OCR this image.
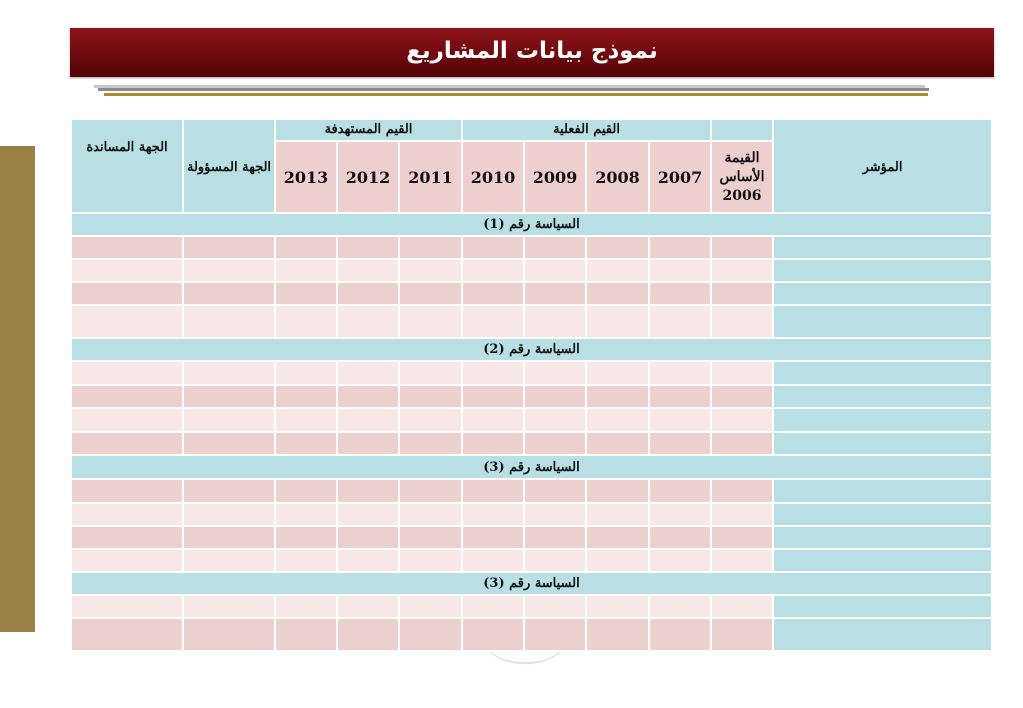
نموذج بيانات المشاريع
المؤشر		القيم الفعلية				القيم المستهدفة			الجهة المسؤولة	الجهة المساندة
	القيمة الأساس 2006	2007	2008	2009	2010	2011	2012	2013		
السياسة رقم (1)										

السياسة رقم (2)										

السياسة رقم (3)										

السياسة رقم (3)										
